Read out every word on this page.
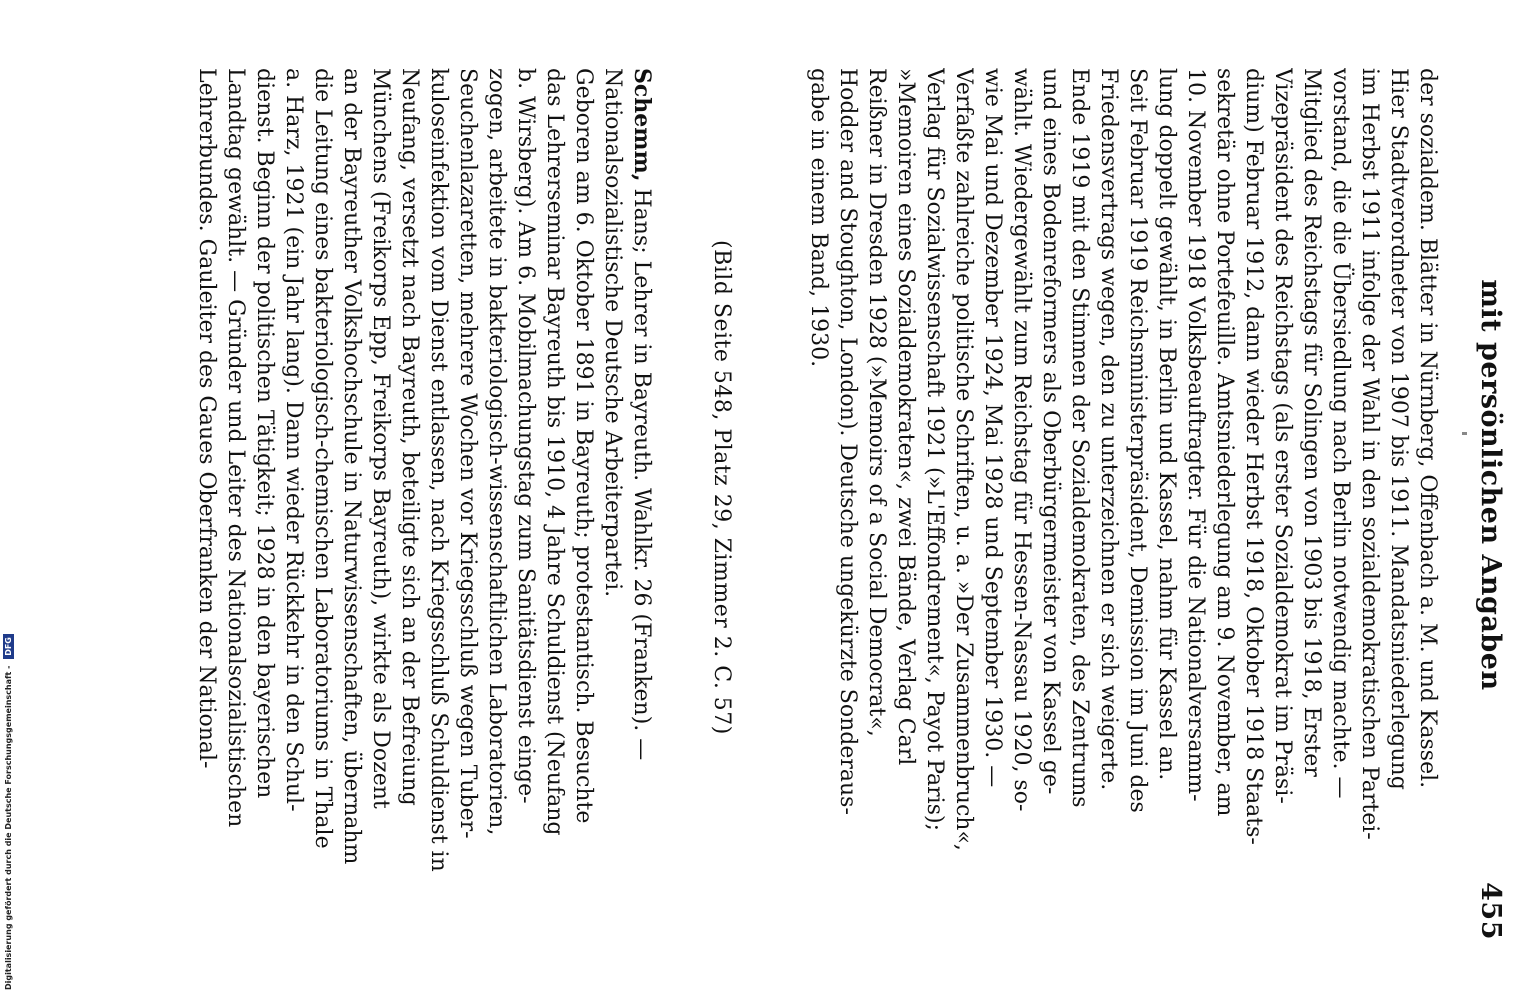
mit persönlichen Angaben
455
der sozialdem. Blätter in Nürnberg, Offenbach a. M. und Kassel.
Hier Stadtverordneter von 1907 bis 1911. Mandatsniederlegung
im Herbst 1911 infolge der Wahl in den sozialdemokratischen Partei-
vorstand, die die Übersiedlung nach Berlin notwendig machte. —
Mitglied des Reichstags für Solingen von 1903 bis 1918, Erster
Vizepräsident des Reichstags (als erster Sozialdemokrat im Präsi-
dium) Februar 1912, dann wieder Herbst 1918, Oktober 1918 Staats-
sekretär ohne Portefeuille. Amtsniederlegung am 9. November, am
10. November 1918 Volksbeauftragter. Für die Nationalversamm-
lung doppelt gewählt, in Berlin und Kassel, nahm für Kassel an.
Seit Februar 1919 Reichsministerpräsident, Demission im Juni des
Friedensvertrags wegen, den zu unterzeichnen er sich weigerte.
Ende 1919 mit den Stimmen der Sozialdemokraten, des Zentrums
und eines Bodenreformers als Oberbürgermeister von Kassel ge-
wählt. Wiedergewählt zum Reichstag für Hessen-Nassau 1920, so-
wie Mai und Dezember 1924, Mai 1928 und September 1930. —
Verfaßte zahlreiche politische Schriften, u. a. »Der Zusammenbruch«,
Verlag für Sozialwissenschaft 1921 (»L'Effondrement«, Payot Paris);
»Memoiren eines Sozialdemokraten«, zwei Bände, Verlag Carl
Reißner in Dresden 1928 (»Memoirs of a Social Democrat«,
Hodder and Stoughton, London). Deutsche ungekürzte Sonderaus-
gabe in einem Band, 1930.
(Bild Seite 548, Platz 29, Zimmer 2. C. 57)
Schemm, Hans; Lehrer in Bayreuth. Wahlkr. 26 (Franken). —
Nationalsozialistische Deutsche Arbeiterpartei.
Geboren am 6. Oktober 1891 in Bayreuth; protestantisch. Besuchte
das Lehrerseminar Bayreuth bis 1910, 4 Jahre Schuldienst (Neufang
b. Wirsberg). Am 6. Mobilmachungstag zum Sanitätsdienst einge-
zogen, arbeitete in bakteriologisch-wissenschaftlichen Laboratorien,
Seuchenlazaretten, mehrere Wochen vor Kriegsschluß wegen Tuber-
kuloseinfektion vom Dienst entlassen, nach Kriegsschluß Schuldienst in
Neufang, versetzt nach Bayreuth, beteiligte sich an der Befreiung
Münchens (Freikorps Epp, Freikorps Bayreuth), wirkte als Dozent
an der Bayreuther Volkshochschule in Naturwissenschaften, übernahm
die Leitung eines bakteriologisch-chemischen Laboratoriums in Thale
a. Harz, 1921 (ein Jahr lang). Dann wieder Rückkehr in den Schul-
dienst. Beginn der politischen Tätigkeit; 1928 in den bayerischen
Landtag gewählt. — Gründer und Leiter des Nationalsozialistischen
Lehrerbundes. Gauleiter des Gaues Oberfranken der National-
Digitalisierung gefördert durch die Deutsche Forschungsgemeinschaft - DFG
